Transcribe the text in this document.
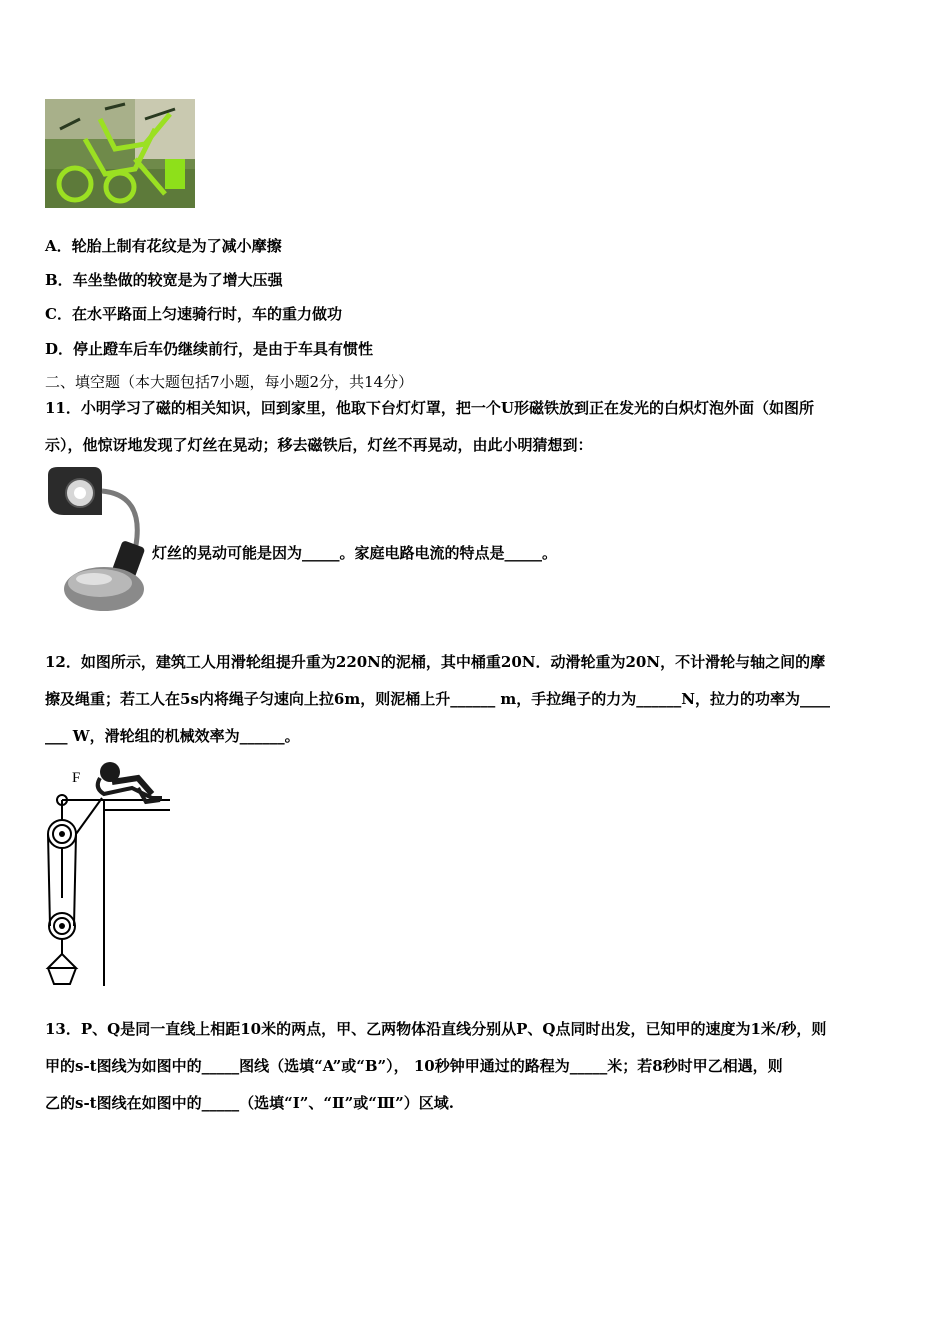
A．轮胎上制有花纹是为了减小摩擦
B．车坐垫做的较宽是为了增大压强
C．在水平路面上匀速骑行时，车的重力做功
D．停止蹬车后车仍继续前行，是由于车具有惯性
二、填空题（本大题包括7小题，每小题2分，共14分）
11．小明学习了磁的相关知识，回到家里，他取下台灯灯罩，把一个U形磁铁放到正在发光的白炽灯泡外面（如图所
示），他惊讶地发现了灯丝在晃动；移去磁铁后，灯丝不再晃动，由此小明猜想到：
灯丝的晃动可能是因为_____。家庭电路电流的特点是_____。
12．如图所示，建筑工人用滑轮组提升重为220N的泥桶，其中桶重20N．动滑轮重为20N，不计滑轮与轴之间的摩
擦及绳重；若工人在5s内将绳子匀速向上拉6m，则泥桶上升______ m，手拉绳子的力为______N，拉力的功率为____
___ W，滑轮组的机械效率为______。
F
13．P、Q是同一直线上相距10米的两点，甲、乙两物体沿直线分别从P、Q点同时出发，已知甲的速度为1米/秒，则
甲的s-t图线为如图中的_____图线（选填“A”或“B”）， 10秒钟甲通过的路程为_____米；若8秒时甲乙相遇，则
乙的s-t图线在如图中的_____（选填“Ⅰ”、“Ⅱ”或“Ⅲ”）区域.
